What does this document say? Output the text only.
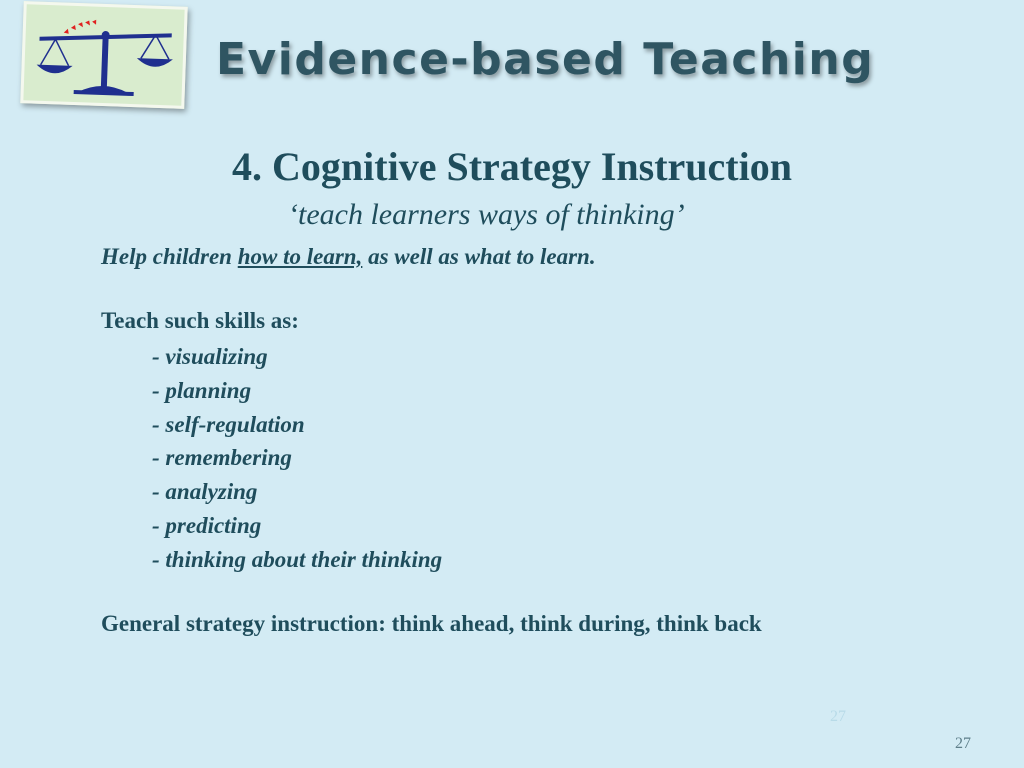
Evidence-based Teaching
4. Cognitive Strategy Instruction
‘teach learners ways of thinking’
Help children how to learn, as well as what to learn.
Teach such skills as:
- visualizing
- planning
- self-regulation
- remembering
- analyzing
- predicting
- thinking about their thinking
General strategy instruction: think ahead, think during, think back
27
27
